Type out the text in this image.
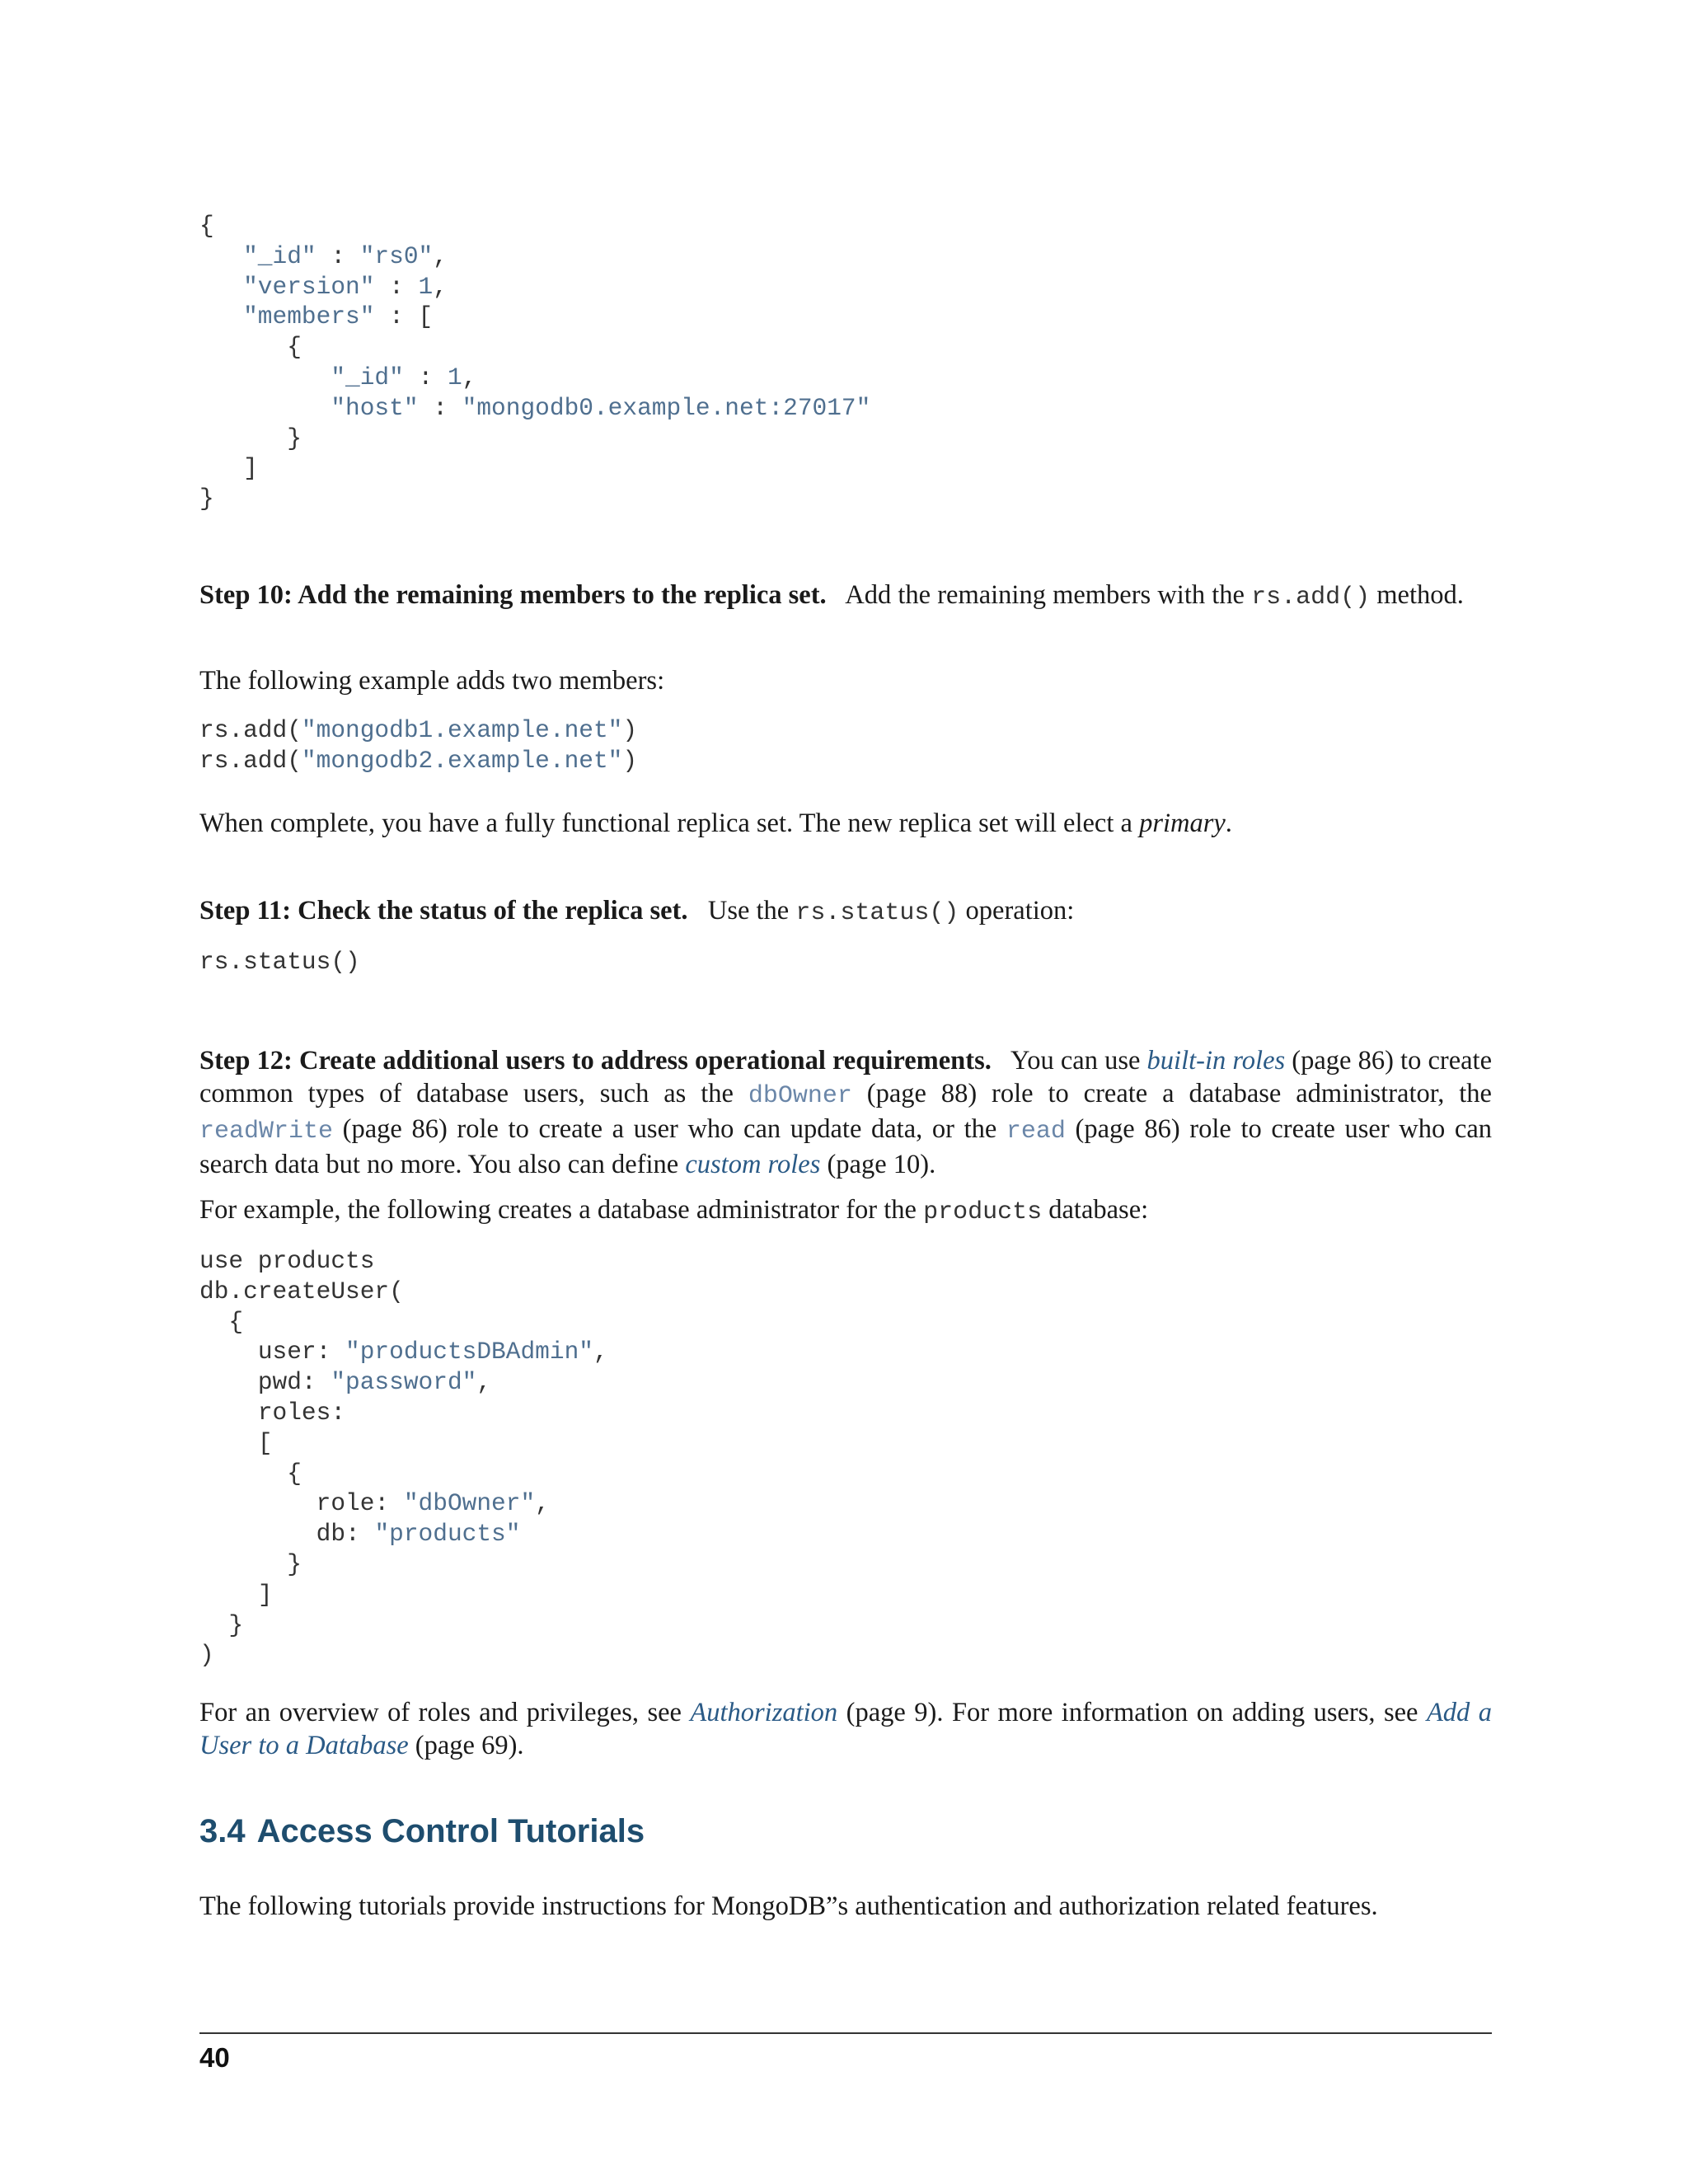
{
"_id" : "rs0",
"version" : 1,
"members" : [
{
"_id" : 1,
"host" : "mongodb0.example.net:27017"
}
]
}

Step 10: Add the remaining members to the replica set. Add the remaining members with the rs.add() method.

The following example adds two members:

rs.add("mongodb1.example.net")
rs.add("mongodb2.example.net")

When complete, you have a fully functional replica set. The new replica set will elect a primary.

Step 11: Check the status of the replica set. Use the rs.status() operation:

rs.status()

Step 12: Create additional users to address operational requirements. You can use built-in roles (page 86) to create common types of database users, such as the dbOwner (page 88) role to create a database administrator, the readWrite (page 86) role to create a user who can update data, or the read (page 86) role to create user who can search data but no more. You also can define custom roles (page 10).

For example, the following creates a database administrator for the products database:

use products
db.createUser(
{
user: "productsDBAdmin",
pwd: "password",
roles:
[
{
role: "dbOwner",
db: "products"
}
]
}
)

For an overview of roles and privileges, see Authorization (page 9). For more information on adding users, see Add a User to a Database (page 69).

3.4 Access Control Tutorials

The following tutorials provide instructions for MongoDB”s authentication and authorization related features.

40
